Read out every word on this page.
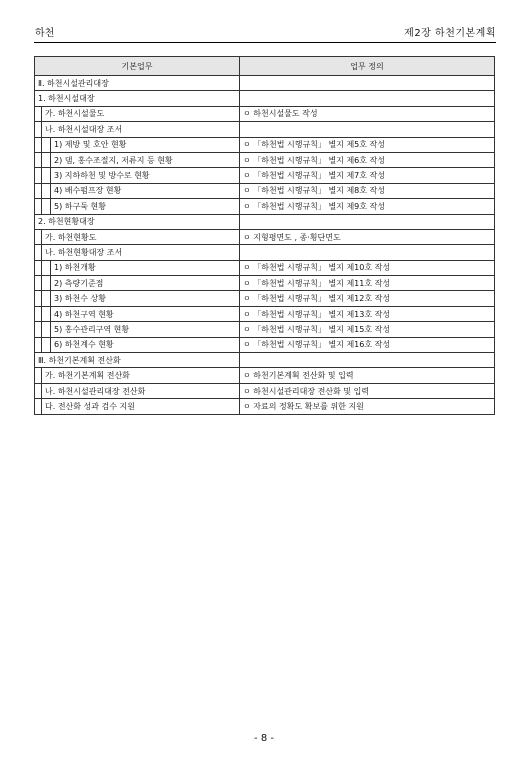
하천	제2장 하천기본계획
기본업무			업무 정의
Ⅱ. 하천시설관리대장			
1. 하천시설대장			
	가. 하천시설물도		ㅇ 하천시설물도 작성
	나. 하천시설대장 조서		
		1) 제방 및 호안 현황	ㅇ 「하천법 시행규칙」 별지 제5호 작성
		2) 댐, 홍수조절지, 저류지 등 현황	ㅇ 「하천법 시행규칙」 별지 제6호 작성
		3) 지하하천 및 방수로 현황	ㅇ 「하천법 시행규칙」 별지 제7호 작성
		4) 배수펌프장 현황	ㅇ 「하천법 시행규칙」 별지 제8호 작성
		5) 하구둑 현황	ㅇ 「하천법 시행규칙」 별지 제9호 작성
2. 하천현황대장			
	가. 하천현황도		ㅇ 지형평면도 , 종·횡단면도
	나. 하천현황대장 조서		
		1) 하천개황	ㅇ 「하천법 시행규칙」 별지 제10호 작성
		2) 측량기준점	ㅇ 「하천법 시행규칙」 별지 제11호 작성
		3) 하천수 상황	ㅇ 「하천법 시행규칙」 별지 제12호 작성
		4) 하천구역 현황	ㅇ 「하천법 시행규칙」 별지 제13호 작성
		5) 홍수관리구역 현황	ㅇ 「하천법 시행규칙」 별지 제15호 작성
		6) 하천계수 현황	ㅇ 「하천법 시행규칙」 별지 제16호 작성
Ⅲ. 하천기본계획 전산화			
	가. 하천기본계획 전산화		ㅇ 하천기본계획 전산화 및 입력
	나. 하천시설관리대장 전산화		ㅇ 하천시설관리대장 전산화 및 입력
	다. 전산화 성과 검수 지원		ㅇ 자료의 정확도 확보를 위한 지원
- 8 -
